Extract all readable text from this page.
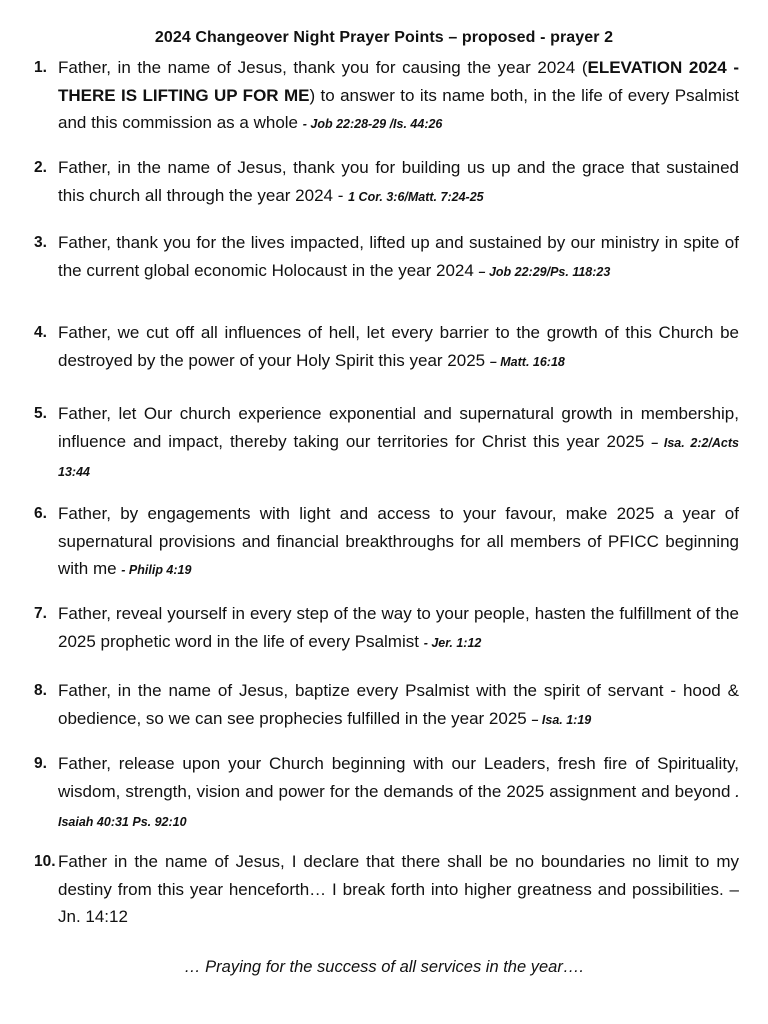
2024 Changeover Night Prayer Points – proposed - prayer 2
1. Father, in the name of Jesus, thank you for causing the year 2024 (ELEVATION 2024 - THERE IS LIFTING UP FOR ME) to answer to its name both, in the life of every Psalmist and this commission as a whole - Job 22:28-29 /Is. 44:26
2. Father, in the name of Jesus, thank you for building us up and the grace that sustained this church all through the year 2024 - 1 Cor. 3:6/Matt. 7:24-25
3. Father, thank you for the lives impacted, lifted up and sustained by our ministry in spite of the current global economic Holocaust in the year 2024 – Job 22:29/Ps. 118:23
4. Father, we cut off all influences of hell, let every barrier to the growth of this Church be destroyed by the power of your Holy Spirit this year 2025 – Matt. 16:18
5. Father, let Our church experience exponential and supernatural growth in membership, influence and impact, thereby taking our territories for Christ this year 2025 – Isa. 2:2/Acts 13:44
6. Father, by engagements with light and access to your favour, make 2025 a year of supernatural provisions and financial breakthroughs for all members of PFICC beginning with me - Philip 4:19
7. Father, reveal yourself in every step of the way to your people, hasten the fulfillment of the 2025 prophetic word in the life of every Psalmist - Jer. 1:12
8. Father, in the name of Jesus, baptize every Psalmist with the spirit of servant - hood & obedience, so we can see prophecies fulfilled in the year 2025 – Isa. 1:19
9. Father, release upon your Church beginning with our Leaders, fresh fire of Spirituality, wisdom, strength, vision and power for the demands of the 2025 assignment and beyond . Isaiah 40:31 Ps. 92:10
10. Father in the name of Jesus, I declare that there shall be no boundaries no limit to my destiny from this year henceforth… I break forth into higher greatness and possibilities. – Jn. 14:12
… Praying for the success of all services in the year….
